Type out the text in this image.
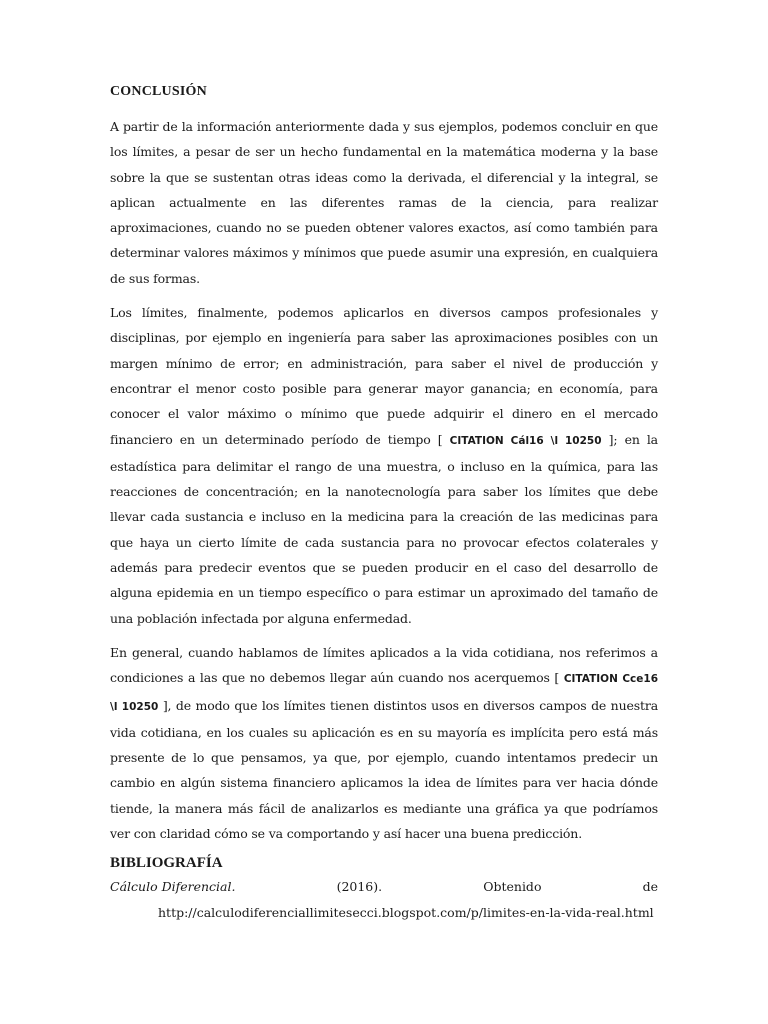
CONCLUSIÓN

A partir de la información anteriormente dada y sus ejemplos, podemos concluir en que los límites, a pesar de ser un hecho fundamental en la matemática moderna y la base sobre la que se sustentan otras ideas como la derivada, el diferencial y la integral, se aplican actualmente en las diferentes ramas de la ciencia, para realizar aproximaciones, cuando no se pueden obtener valores exactos, así como también para determinar valores máximos y mínimos que puede asumir una expresión, en cualquiera de sus formas.

Los límites, finalmente, podemos aplicarlos en diversos campos profesionales y disciplinas, por ejemplo en ingeniería para saber las aproximaciones posibles con un margen mínimo de error; en administración, para saber el nivel de producción y encontrar el menor costo posible para generar mayor ganancia; en economía, para conocer el valor máximo o mínimo que puede adquirir el dinero en el mercado financiero en un determinado período de tiempo [ CITATION Cál16 \l 10250 ]; en la estadística para delimitar el rango de una muestra, o incluso en la química, para las reacciones de concentración; en la nanotecnología para saber los límites que debe llevar cada sustancia e incluso en la medicina para la creación de las medicinas para que haya un cierto límite de cada sustancia para no provocar efectos colaterales y además para predecir eventos que se pueden producir en el caso del desarrollo de alguna epidemia en un tiempo específico o para estimar un aproximado del tamaño de una población infectada por alguna enfermedad.

En general, cuando hablamos de límites aplicados a la vida cotidiana, nos referimos a condiciones a las que no debemos llegar aún cuando nos acerquemos [ CITATION Cce16 \l 10250 ], de modo que los límites tienen distintos usos en diversos campos de nuestra vida cotidiana, en los cuales su aplicación es en su mayoría es implícita pero está más presente de lo que pensamos, ya que, por ejemplo, cuando intentamos predecir un cambio en algún sistema financiero aplicamos la idea de límites para ver hacia dónde tiende, la manera más fácil de analizarlos es mediante una gráfica ya que podríamos ver con claridad cómo se va comportando y así hacer una buena predicción.

BIBLIOGRAFÍA
Cálculo Diferencial.	(2016).	Obtenido	de
http://calculodiferenciallimitesecci.blogspot.com/p/limites-en-la-vida-real.html
